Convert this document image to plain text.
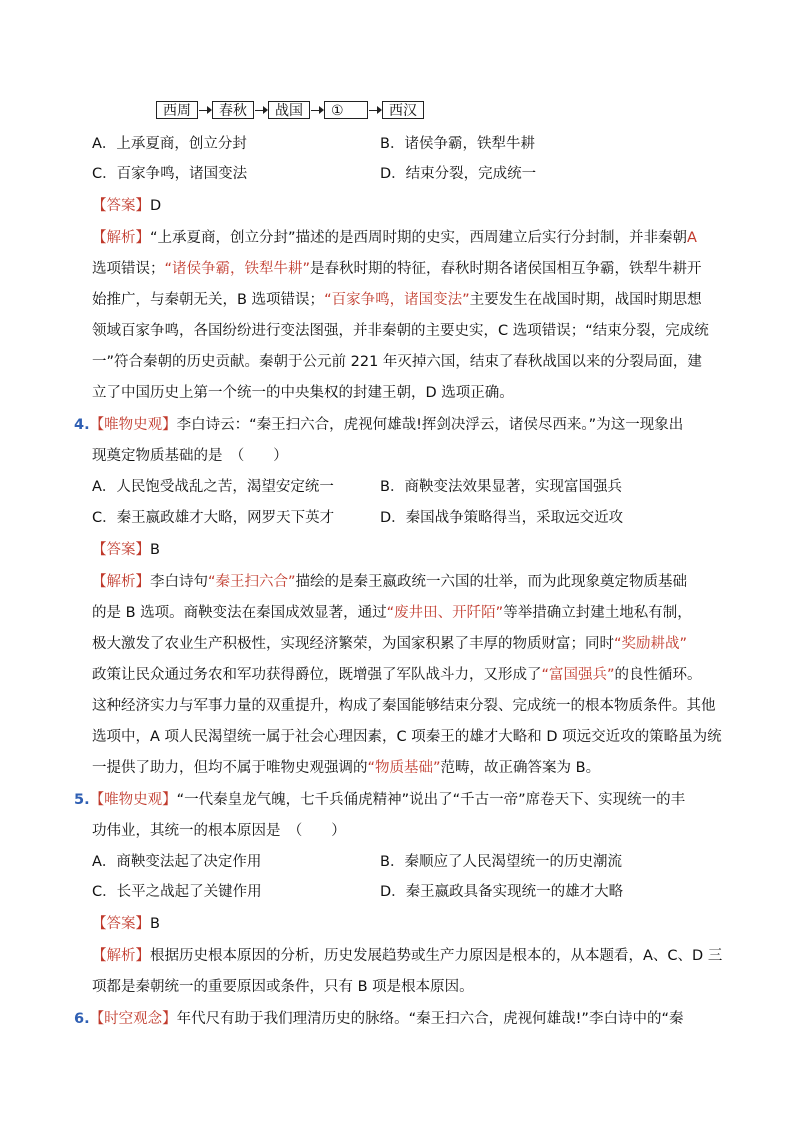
西周	春秋	战国	①	西汉
A．上承夏商，创立分封	B．诸侯争霸，铁犁牛耕
C．百家争鸣，诸国变法	D．结束分裂，完成统一
【答案】D
【解析】“上承夏商，创立分封”描述的是西周时期的史实，西周建立后实行分封制，并非秦朝A
选项错误；“诸侯争霸，铁犁牛耕”是春秋时期的特征，春秋时期各诸侯国相互争霸，铁犁牛耕开
始推广，与秦朝无关，B 选项错误；“百家争鸣，诸国变法”主要发生在战国时期，战国时期思想
领域百家争鸣，各国纷纷进行变法图强，并非秦朝的主要史实，C 选项错误；“结束分裂，完成统
一”符合秦朝的历史贡献。秦朝于公元前 221 年灭掉六国，结束了春秋战国以来的分裂局面，建
立了中国历史上第一个统一的中央集权的封建王朝，D 选项正确。
4.【唯物史观】李白诗云：“秦王扫六合，虎视何雄哉!挥剑决浮云，诸侯尽西来。”为这一现象出
现奠定物质基础的是　（　　）
A．人民饱受战乱之苦，渴望安定统一	B．商鞅变法效果显著，实现富国强兵
C．秦王嬴政雄才大略，网罗天下英才	D．秦国战争策略得当，采取远交近攻
【答案】B
【解析】李白诗句“秦王扫六合”描绘的是秦王嬴政统一六国的壮举，而为此现象奠定物质基础
的是 B 选项。商鞅变法在秦国成效显著，通过“废井田、开阡陌”等举措确立封建土地私有制，
极大激发了农业生产积极性，实现经济繁荣，为国家积累了丰厚的物质财富；同时“奖励耕战”
政策让民众通过务农和军功获得爵位，既增强了军队战斗力，又形成了“富国强兵”的良性循环。
这种经济实力与军事力量的双重提升，构成了秦国能够结束分裂、完成统一的根本物质条件。其他
选项中，A 项人民渴望统一属于社会心理因素，C 项秦王的雄才大略和 D 项远交近攻的策略虽为统
一提供了助力，但均不属于唯物史观强调的“物质基础”范畴，故正确答案为 B。
5.【唯物史观】“一代秦皇龙气魄，七千兵俑虎精神”说出了“千古一帝”席卷天下、实现统一的丰
功伟业，其统一的根本原因是　（　　）
A．商鞅变法起了决定作用	B．秦顺应了人民渴望统一的历史潮流
C．长平之战起了关键作用	D．秦王嬴政具备实现统一的雄才大略
【答案】B
【解析】根据历史根本原因的分析，历史发展趋势或生产力原因是根本的，从本题看，A、C、D 三
项都是秦朝统一的重要原因或条件，只有 B 项是根本原因。
6.【时空观念】年代尺有助于我们理清历史的脉络。“秦王扫六合，虎视何雄哉!”李白诗中的“秦
